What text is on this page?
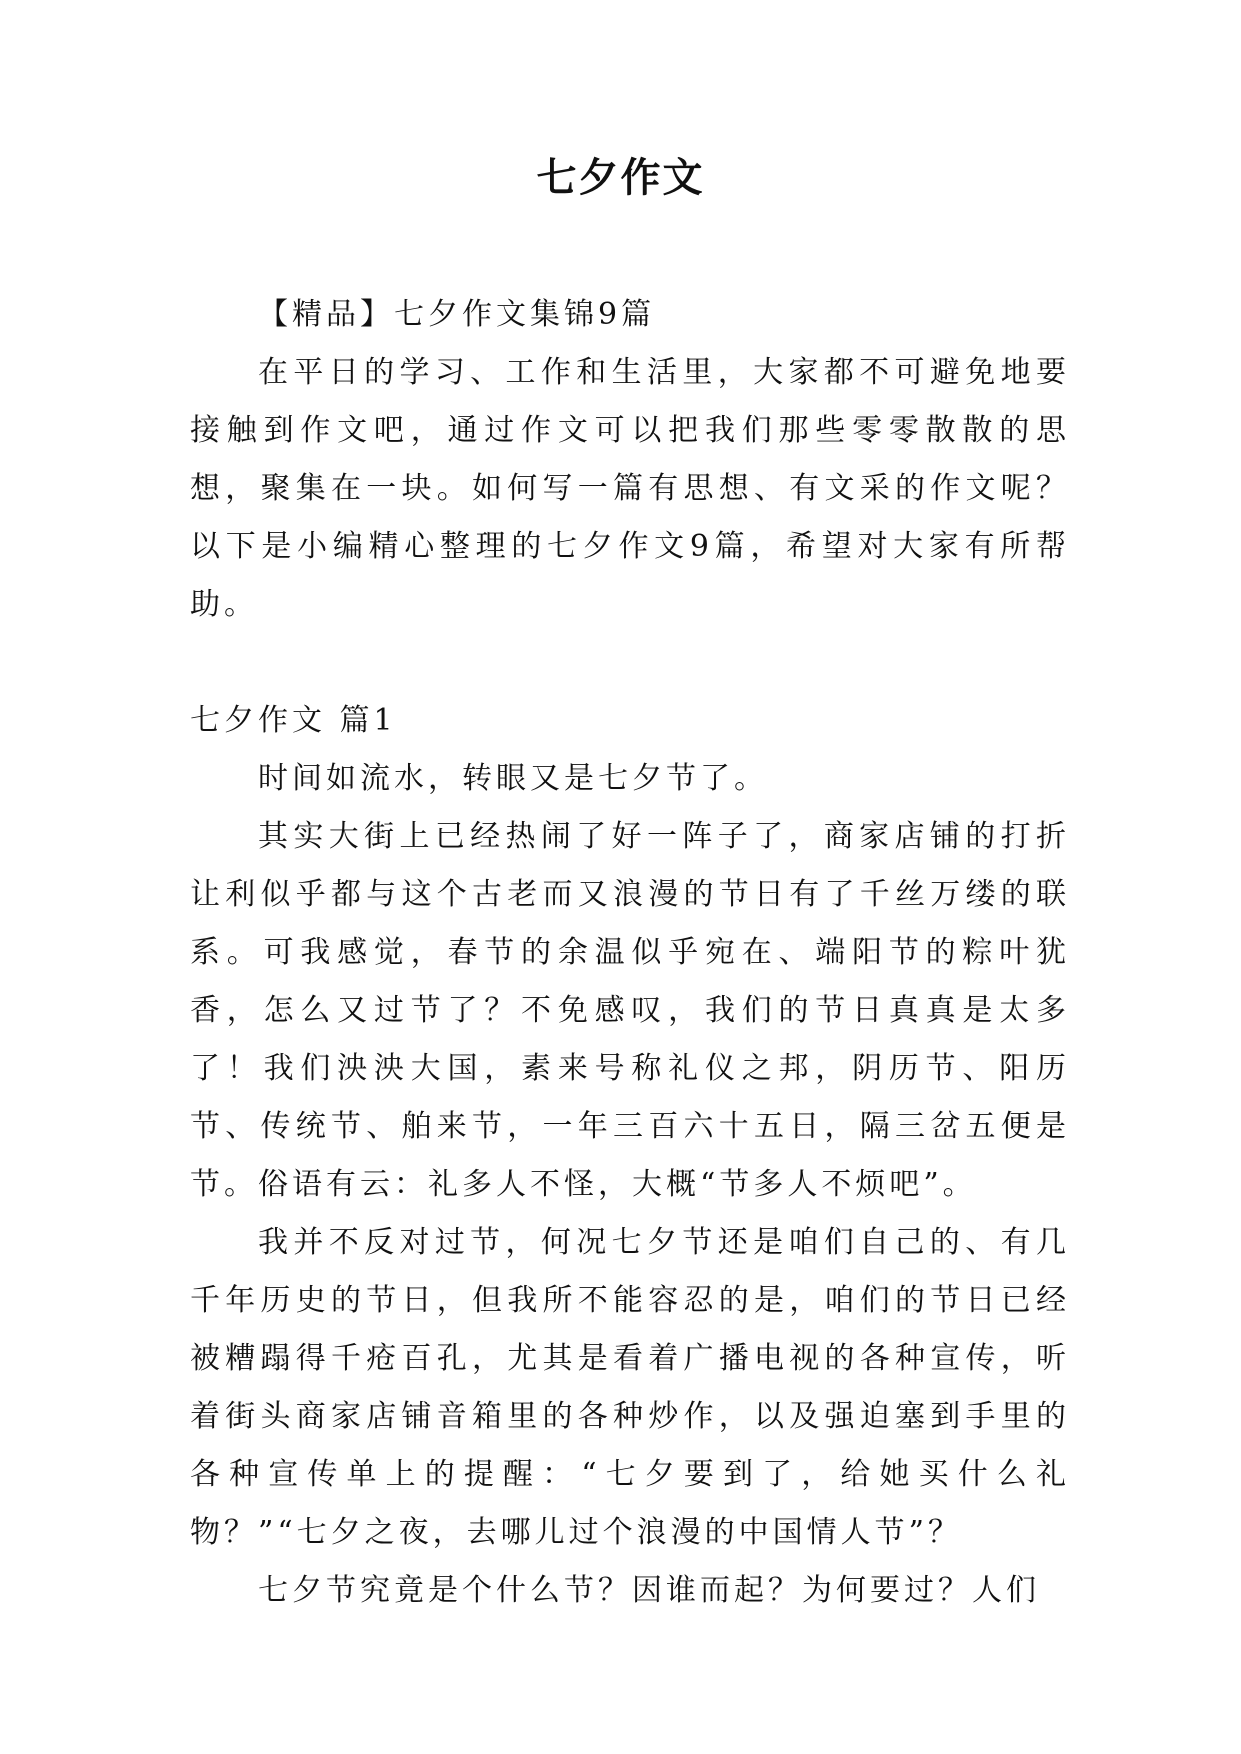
七夕作文

【精品】七夕作文集锦9篇

在平日的学习、工作和生活里，大家都不可避免地要接触到作文吧，通过作文可以把我们那些零零散散的思想，聚集在一块。如何写一篇有思想、有文采的作文呢？以下是小编精心整理的七夕作文9篇，希望对大家有所帮助。

七夕作文 篇1

时间如流水，转眼又是七夕节了。

其实大街上已经热闹了好一阵子了，商家店铺的打折让利似乎都与这个古老而又浪漫的节日有了千丝万缕的联系。可我感觉，春节的余温似乎宛在、端阳节的粽叶犹香，怎么又过节了？不免感叹，我们的节日真真是太多了！我们泱泱大国，素来号称礼仪之邦，阴历节、阳历节、传统节、舶来节，一年三百六十五日，隔三岔五便是节。俗语有云：礼多人不怪，大概“节多人不烦吧”。

我并不反对过节，何况七夕节还是咱们自己的、有几千年历史的节日，但我所不能容忍的是，咱们的节日已经被糟蹋得千疮百孔，尤其是看着广播电视的各种宣传，听着街头商家店铺音箱里的各种炒作，以及强迫塞到手里的各种宣传单上的提醒：“七夕要到了，给她买什么礼物？”“七夕之夜，去哪儿过个浪漫的中国情人节”？

七夕节究竟是个什么节？因谁而起？为何要过？人们
